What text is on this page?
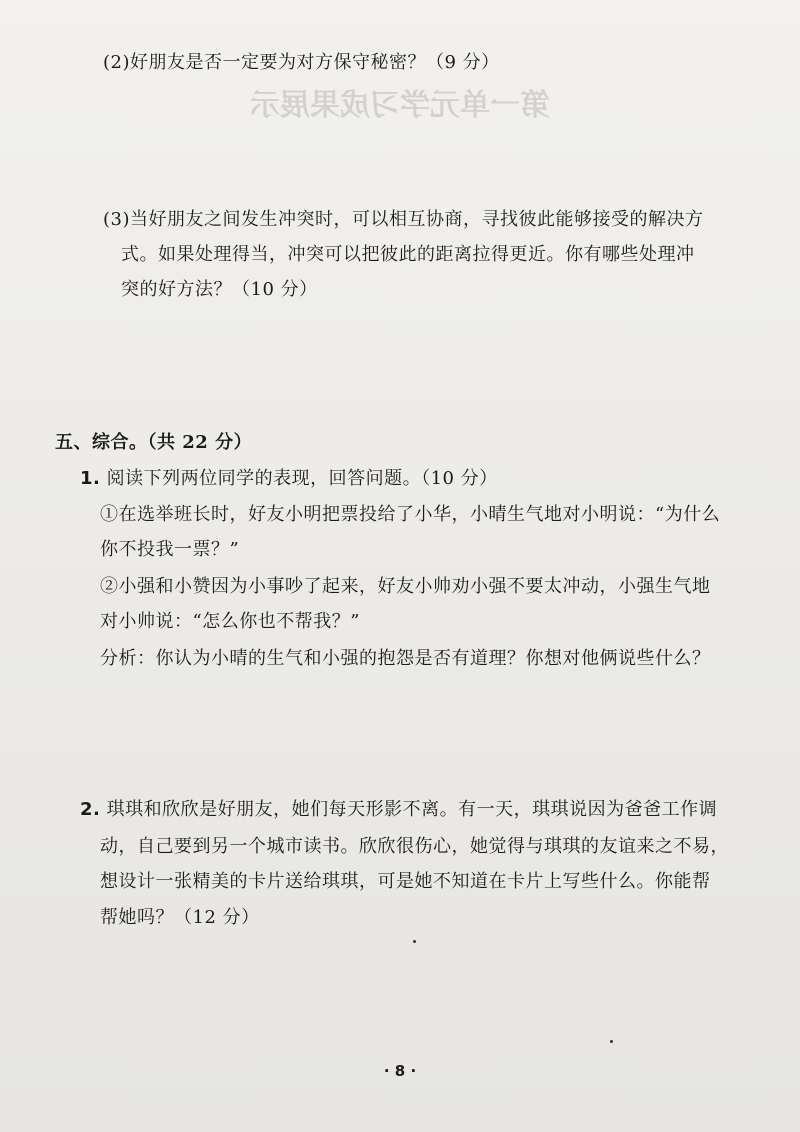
第一单元学习成果展示
(2)好朋友是否一定要为对方保守秘密？（9 分）
(3)当好朋友之间发生冲突时，可以相互协商，寻找彼此能够接受的解决方
式。如果处理得当，冲突可以把彼此的距离拉得更近。你有哪些处理冲
突的好方法？（10 分）
五、综合。（共 22 分）
1. 阅读下列两位同学的表现，回答问题。（10 分）
①在选举班长时，好友小明把票投给了小华，小晴生气地对小明说：“为什么
你不投我一票？”
②小强和小赞因为小事吵了起来，好友小帅劝小强不要太冲动，小强生气地
对小帅说：“怎么你也不帮我？”
分析：你认为小晴的生气和小强的抱怨是否有道理？你想对他俩说些什么？
2. 琪琪和欣欣是好朋友，她们每天形影不离。有一天，琪琪说因为爸爸工作调
动，自己要到另一个城市读书。欣欣很伤心，她觉得与琪琪的友谊来之不易，
想设计一张精美的卡片送给琪琪，可是她不知道在卡片上写些什么。你能帮
帮她吗？（12 分）
· 8 ·
